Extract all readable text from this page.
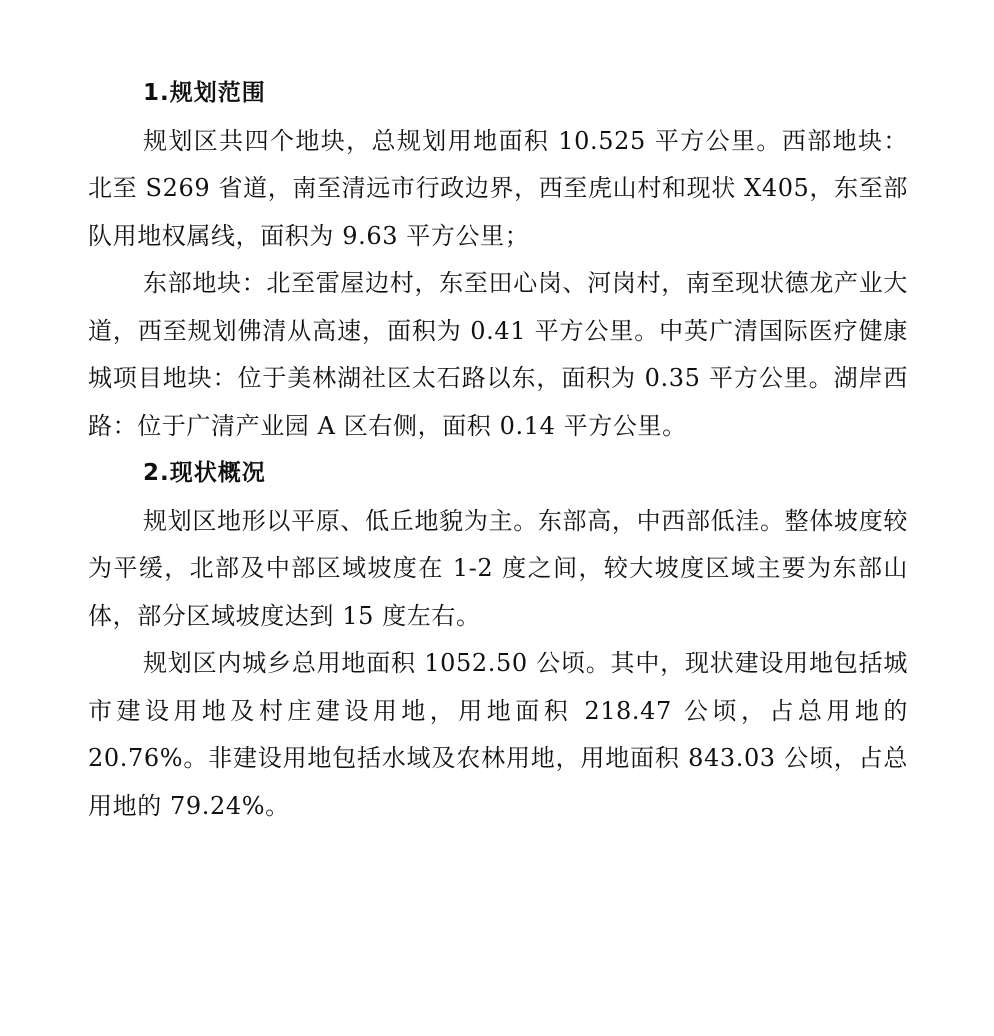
1.规划范围

规划区共四个地块，总规划用地面积 10.525 平方公里。西部地块：北至 S269 省道，南至清远市行政边界，西至虎山村和现状 X405，东至部队用地权属线，面积为 9.63 平方公里；

东部地块：北至雷屋边村，东至田心岗、河岗村，南至现状德龙产业大道，西至规划佛清从高速，面积为 0.41 平方公里。中英广清国际医疗健康城项目地块：位于美林湖社区太石路以东，面积为 0.35 平方公里。湖岸西路：位于广清产业园 A 区右侧，面积 0.14 平方公里。

2.现状概况

规划区地形以平原、低丘地貌为主。东部高，中西部低洼。整体坡度较为平缓，北部及中部区域坡度在 1-2 度之间，较大坡度区域主要为东部山体，部分区域坡度达到 15 度左右。

规划区内城乡总用地面积 1052.50 公顷。其中，现状建设用地包括城市建设用地及村庄建设用地，用地面积 218.47 公顷，占总用地的 20.76%。非建设用地包括水域及农林用地，用地面积 843.03 公顷，占总用地的 79.24%。
